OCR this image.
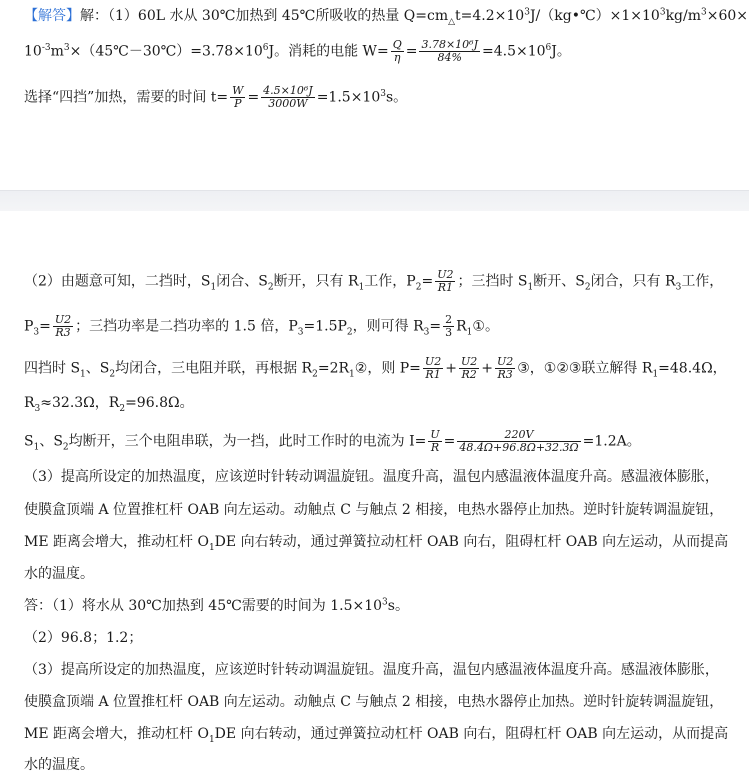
【解答】解：（1）60L 水从 30℃加热到 45℃所吸收的热量 $Q=cm_\triangle t=4.2\times 10^3J/(kg•℃)\times 1\times 10^3kg/m^3\times 60\times$
$10^{-3}m^3\times(45℃-30℃)=3.78\times 10^6J$。消耗的电能 $W= \frac{Q}{\eta} = \frac{\text{3.78×10⁶J}}{84\%} =4.5\times 10^6J$。
选择“四挡”加热，需要的时间 $t= \frac{W}{P} = \frac{\text{4.5×10⁶J}}{3000W} =1.5\times 10^3s$。
（2）由题意可知，二挡时，$S_1$闭合、$S_2$断开，只有 $R_1$工作，$P_2= \frac{U2}{R1}$ ；三挡时 $S_1$断开、$S_2$闭合，只有 $R_3$工作，
$P_3= \frac{U2}{R3}$ ；三挡功率是二挡功率的 1.5 倍，$P_3=1.5P_2$，则可得 $R_3= \frac{2}{3}$ $R_1①$。
四挡时 $S_1$、$S_2$均闭合，三电阻并联，再根据 $R_2=2R_1②$，则 $P= \frac{U2}{R1} + \frac{U2}{R2} + \frac{U2}{R3}$ ③，①②③联立解得 $R_1=48.4\Omega$，
$R_3\approx 32.3\Omega$，$R_2=96.8\Omega$。
$S_1$、$S_2$均断开，三个电阻串联，为一挡，此时工作时的电流为 $I= \frac{U}{R} = \frac{220V}{48.4\Omega+96.8\Omega+32.3\Omega} =1.2A$。
（3）提高所设定的加热温度，应该逆时针转动调温旋钮。温度升高，温包内感温液体温度升高。感温液体膨胀，
使膜盒顶端 A 位置推杠杆 OAB 向左运动。动触点 C 与触点 2 相接，电热水器停止加热。逆时针旋转调温旋钮，
ME 距离会增大，推动杠杆 $O_1DE$ 向右转动，通过弹簧拉动杠杆 OAB 向右，阻碍杠杆 OAB 向左运动，从而提高
水的温度。
答：（1）将水从 30℃加热到 45℃需要的时间为 $1.5\times 10^3s$。
（2）96.8；1.2；
（3）提高所设定的加热温度，应该逆时针转动调温旋钮。温度升高，温包内感温液体温度升高。感温液体膨胀，
使膜盒顶端 A 位置推杠杆 OAB 向左运动。动触点 C 与触点 2 相接，电热水器停止加热。逆时针旋转调温旋钮，
ME 距离会增大，推动杠杆 $O_1DE$ 向右转动，通过弹簧拉动杠杆 OAB 向右，阻碍杠杆 OAB 向左运动，从而提高
水的温度。
